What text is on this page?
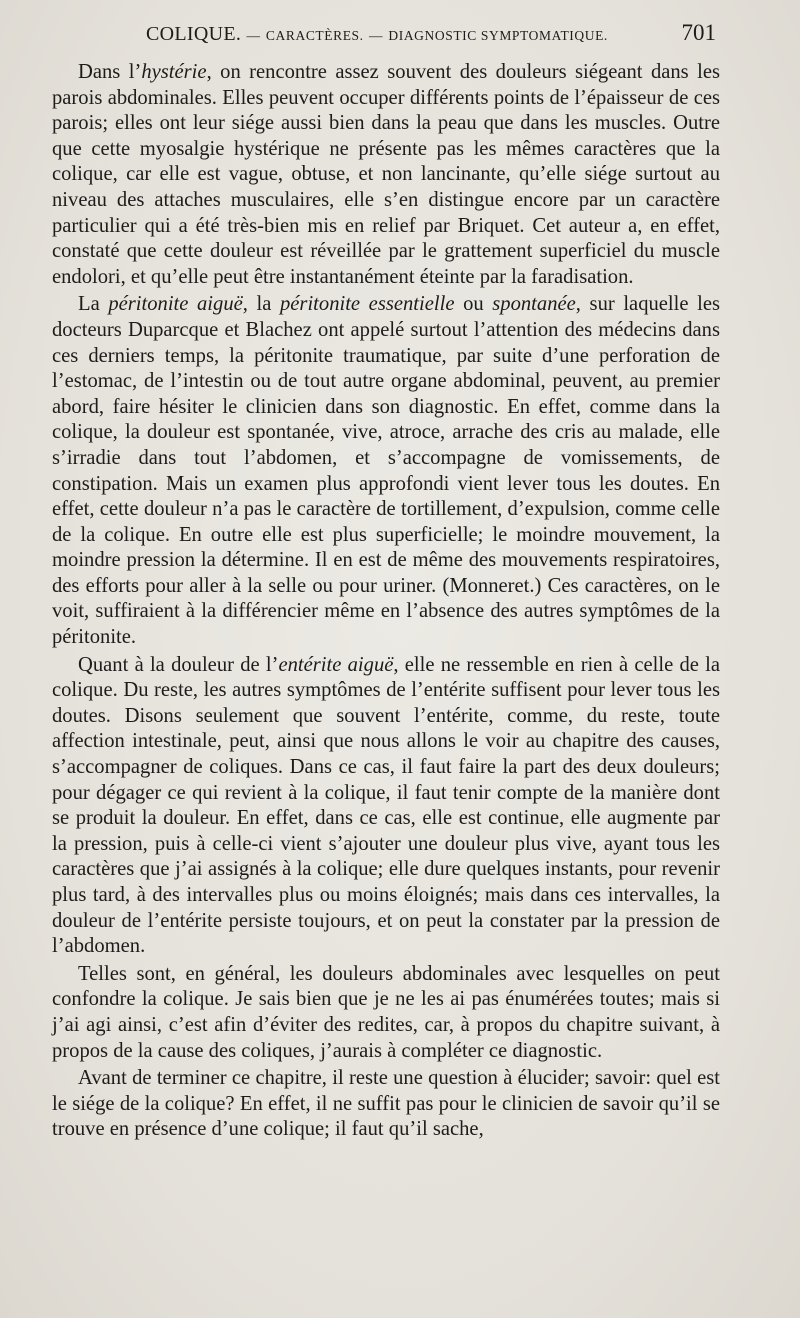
COLIQUE. — CARACTÈRES. — DIAGNOSTIC SYMPTOMATIQUE.	701

Dans l’hystérie, on rencontre assez souvent des douleurs siégeant dans les parois abdominales. Elles peuvent occuper différents points de l’épaisseur de ces parois; elles ont leur siége aussi bien dans la peau que dans les muscles. Outre que cette myosalgie hystérique ne présente pas les mêmes caractères que la colique, car elle est vague, obtuse, et non lancinante, qu’elle siége surtout au niveau des attaches musculaires, elle s’en distingue encore par un caractère particulier qui a été très-bien mis en relief par Briquet. Cet auteur a, en effet, constaté que cette douleur est réveillée par le grattement superficiel du muscle endolori, et qu’elle peut être instantanément éteinte par la faradisation.

La péritonite aiguë, la péritonite essentielle ou spontanée, sur laquelle les docteurs Duparcque et Blachez ont appelé surtout l’attention des médecins dans ces derniers temps, la péritonite traumatique, par suite d’une perforation de l’estomac, de l’intestin ou de tout autre organe abdominal, peuvent, au premier abord, faire hésiter le clinicien dans son diagnostic. En effet, comme dans la colique, la douleur est spontanée, vive, atroce, arrache des cris au malade, elle s’irradie dans tout l’abdomen, et s’accompagne de vomissements, de constipation. Mais un examen plus approfondi vient lever tous les doutes. En effet, cette douleur n’a pas le caractère de tortillement, d’expulsion, comme celle de la colique. En outre elle est plus superficielle; le moindre mouvement, la moindre pression la détermine. Il en est de même des mouvements respiratoires, des efforts pour aller à la selle ou pour uriner. (Monneret.) Ces caractères, on le voit, suffiraient à la différencier même en l’absence des autres symptômes de la péritonite.

Quant à la douleur de l’entérite aiguë, elle ne ressemble en rien à celle de la colique. Du reste, les autres symptômes de l’entérite suffisent pour lever tous les doutes. Disons seulement que souvent l’entérite, comme, du reste, toute affection intestinale, peut, ainsi que nous allons le voir au chapitre des causes, s’accompagner de coliques. Dans ce cas, il faut faire la part des deux douleurs; pour dégager ce qui revient à la colique, il faut tenir compte de la manière dont se produit la douleur. En effet, dans ce cas, elle est continue, elle augmente par la pression, puis à celle-ci vient s’ajouter une douleur plus vive, ayant tous les caractères que j’ai assignés à la colique; elle dure quelques instants, pour revenir plus tard, à des intervalles plus ou moins éloignés; mais dans ces intervalles, la douleur de l’entérite persiste toujours, et on peut la constater par la pression de l’abdomen.

Telles sont, en général, les douleurs abdominales avec lesquelles on peut confondre la colique. Je sais bien que je ne les ai pas énumérées toutes; mais si j’ai agi ainsi, c’est afin d’éviter des redites, car, à propos du chapitre suivant, à propos de la cause des coliques, j’aurais à compléter ce diagnostic.

Avant de terminer ce chapitre, il reste une question à élucider; savoir: quel est le siége de la colique? En effet, il ne suffit pas pour le clinicien de savoir qu’il se trouve en présence d’une colique; il faut qu’il sache,
